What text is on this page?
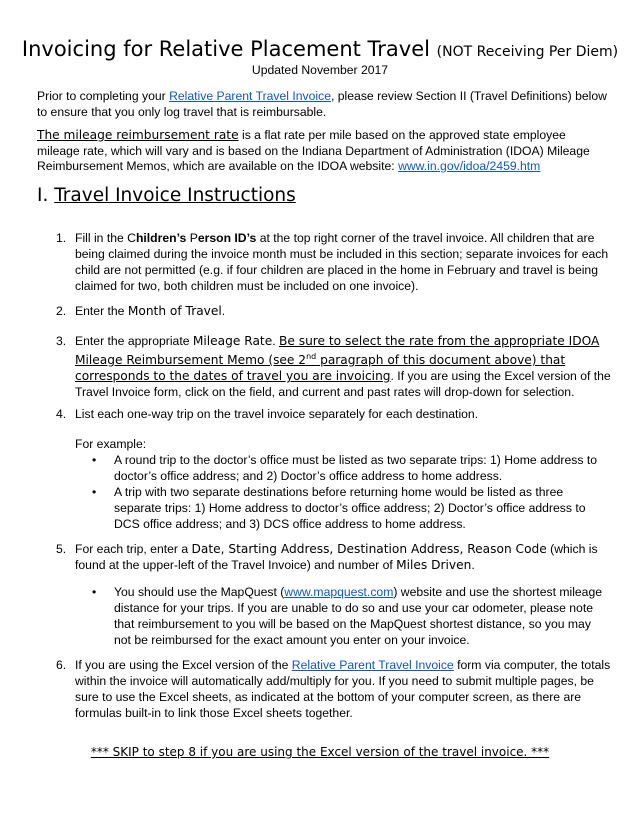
Invoicing for Relative Placement Travel (NOT Receiving Per Diem)
Updated November 2017

Prior to completing your Relative Parent Travel Invoice, please review Section II (Travel Definitions) below to ensure that you only log travel that is reimbursable.

The mileage reimbursement rate is a flat rate per mile based on the approved state employee mileage rate, which will vary and is based on the Indiana Department of Administration (IDOA) Mileage Reimbursement Memos, which are available on the IDOA website: www.in.gov/idoa/2459.htm

I. Travel Invoice Instructions
1. Fill in the Children’s Person ID’s at the top right corner of the travel invoice. All children that are being claimed during the invoice month must be included in this section; separate invoices for each child are not permitted (e.g. if four children are placed in the home in February and travel is being claimed for two, both children must be included on one invoice).
2. Enter the Month of Travel.
3. Enter the appropriate Mileage Rate. Be sure to select the rate from the appropriate IDOA Mileage Reimbursement Memo (see 2nd paragraph of this document above) that corresponds to the dates of travel you are invoicing. If you are using the Excel version of the Travel Invoice form, click on the field, and current and past rates will drop-down for selection.
4. List each one-way trip on the travel invoice separately for each destination.
For example:
• A round trip to the doctor’s office must be listed as two separate trips: 1) Home address to doctor’s office address; and 2) Doctor’s office address to home address.
• A trip with two separate destinations before returning home would be listed as three separate trips: 1) Home address to doctor’s office address; 2) Doctor’s office address to DCS office address; and 3) DCS office address to home address.
5. For each trip, enter a Date, Starting Address, Destination Address, Reason Code (which is found at the upper-left of the Travel Invoice) and number of Miles Driven.
• You should use the MapQuest (www.mapquest.com) website and use the shortest mileage distance for your trips. If you are unable to do so and use your car odometer, please note that reimbursement to you will be based on the MapQuest shortest distance, so you may not be reimbursed for the exact amount you enter on your invoice.
6. If you are using the Excel version of the Relative Parent Travel Invoice form via computer, the totals within the invoice will automatically add/multiply for you. If you need to submit multiple pages, be sure to use the Excel sheets, as indicated at the bottom of your computer screen, as there are formulas built-in to link those Excel sheets together.
*** SKIP to step 8 if you are using the Excel version of the travel invoice. ***
